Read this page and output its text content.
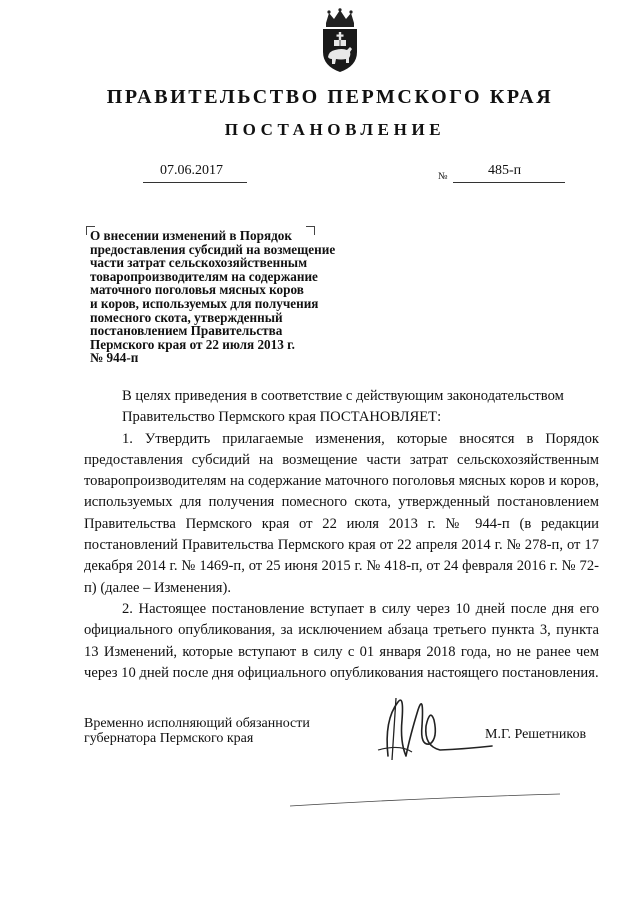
ПРАВИТЕЛЬСТВО ПЕРМСКОГО КРАЯ
ПОСТАНОВЛЕНИЕ
07.06.2017	№	485-п
О внесении изменений в Порядок
предоставления субсидий на возмещение
части затрат сельскохозяйственным
товаропроизводителям на содержание
маточного поголовья мясных коров
и коров, используемых для получения
помесного скота, утвержденный
постановлением Правительства
Пермского края от 22 июля 2013 г.
№ 944-п

В целях приведения в соответствие с действующим законодательством

Правительство Пермского края ПОСТАНОВЛЯЕТ:

1. Утвердить прилагаемые изменения, которые вносятся в Порядок предоставления субсидий на возмещение части затрат сельскохозяйственным товаропроизводителям на содержание маточного поголовья мясных коров и коров, используемых для получения помесного скота, утвержденный постановлением Правительства Пермского края от 22 июля 2013 г. № 944-п (в редакции постановлений Правительства Пермского края от 22 апреля 2014 г. № 278-п, от 17 декабря 2014 г. № 1469-п, от 25 июня 2015 г. № 418-п, от 24 февраля 2016 г. № 72-п) (далее – Изменения).

2. Настоящее постановление вступает в силу через 10 дней после дня его официального опубликования, за исключением абзаца третьего пункта 3, пункта 13 Изменений, которые вступают в силу с 01 января 2018 года, но не ранее чем через 10 дней после дня официального опубликования настоящего постановления.

Временно исполняющий обязанности
губернатора Пермского края	М.Г. Решетников
